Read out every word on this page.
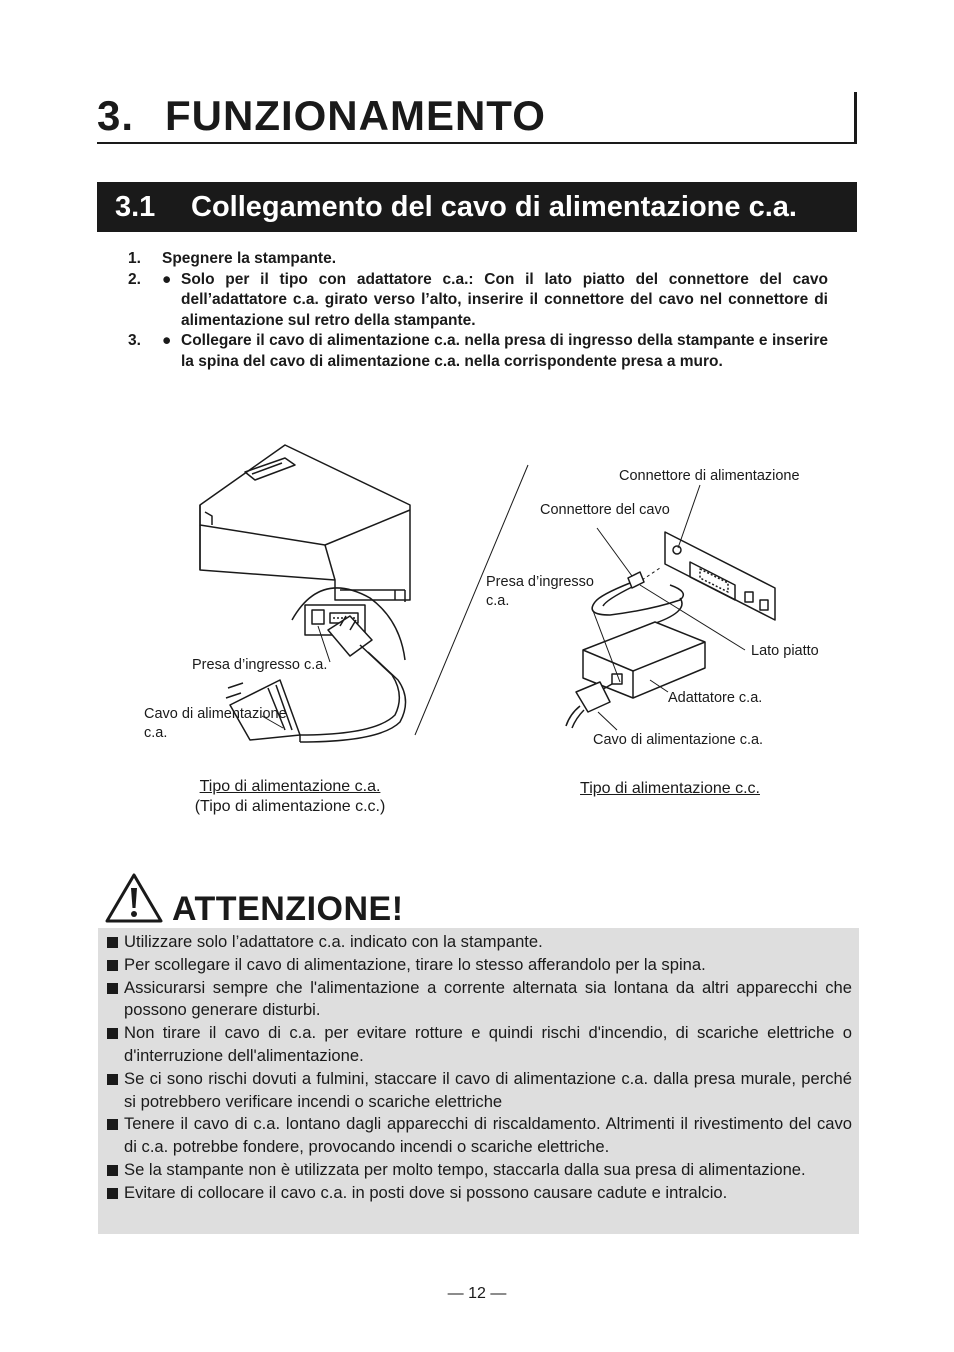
3. FUNZIONAMENTO
3.1 Collegamento del cavo di alimentazione c.a.
1. Spegnere la stampante.
2. ● Solo per il tipo con adattatore c.a.: Con il lato piatto del connettore del cavo dell’adattatore c.a. girato verso l’alto, inserire il connettore del cavo nel connettore di alimentazione sul retro della stampante.
3. ● Collegare il cavo di alimentazione c.a. nella presa di ingresso della stampante e inserire la spina del cavo di alimentazione c.a. nella corrispondente presa a muro.
Presa d’ingresso c.a.
Cavo di alimentazione c.a.
Tipo di alimentazione c.a.
(Tipo di alimentazione c.c.)
Connettore di alimentazione
Connettore del cavo
Presa d’ingresso c.a.
Lato piatto
Adattatore c.a.
Cavo di alimentazione c.a.
Tipo di alimentazione c.c.
ATTENZIONE!
Utilizzare solo l’adattatore c.a. indicato con la stampante.
Per scollegare il cavo di alimentazione, tirare lo stesso afferandolo per la spina.
Assicurarsi sempre che l'alimentazione a corrente alternata sia lontana da altri apparecchi che possono generare disturbi.
Non tirare il cavo di c.a. per evitare rotture e quindi rischi d'incendio, di scariche elettriche o d'interruzione dell'alimentazione.
Se ci sono rischi dovuti a fulmini, staccare il cavo di alimentazione c.a. dalla presa murale, perché si potrebbero verificare incendi o scariche elettriche
Tenere il cavo di c.a. lontano dagli apparecchi di riscaldamento. Altrimenti il rivestimento del cavo di c.a. potrebbe fondere, provocando incendi o scariche elettriche.
Se la stampante non è utilizzata per molto tempo, staccarla dalla sua presa di alimentazione.
Evitare di collocare il cavo c.a. in posti dove si possono causare cadute e intralcio.
— 12 —
